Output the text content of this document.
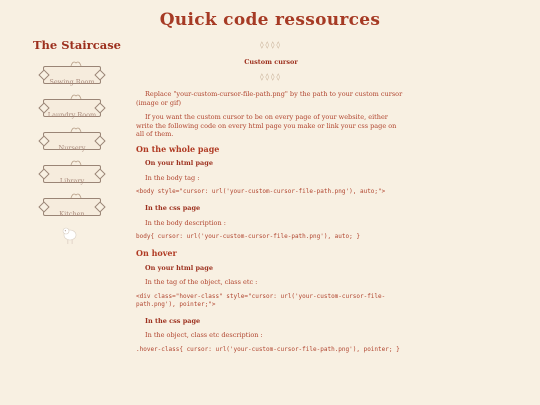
Quick code ressources
The Staircase
Sewing Room
Laundry Room
Nursery
Library
Kitchen
◊◊◊◊
Custom cursor
◊◊◊◊

Replace "your-custom-cursor-file-path.png" by the path to your custom cursor (image or gif)

If you want the custom cursor to be on every page of your website, either write the following code on every html page you make or link your css page on all of them.

On the whole page
On your html page

In the body tag :

<body style="cursor: url('your-custom-cursor-file-path.png'), auto;">
In the css page

In the body description :

body{ cursor: url('your-custom-cursor-file-path.png'), auto; }
On hover
On your html page

In the tag of the object, class etc :

<div class="hover-class" style="cursor: url('your-custom-cursor-file-path.png'), pointer;">
In the css page

In the object, class etc description :

.hover-class{ cursor: url('your-custom-cursor-file-path.png'), pointer; }
